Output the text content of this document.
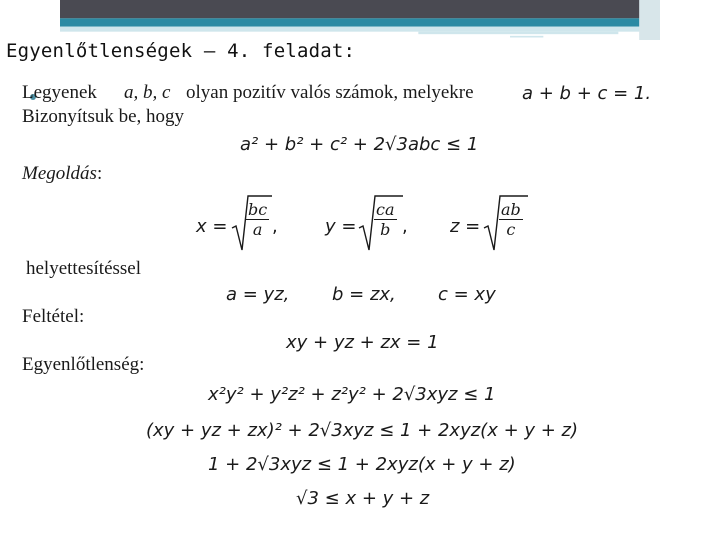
Egyenlőtlenségek – 4. feladat:
Legyenek a, b, c olyan pozitív valós számok, melyekre	a + b + c = 1.
Bizonyítsuk be, hogy
a² + b² + c² + 2√3abc ≤ 1
Megoldás:
$x = \frac{bc}{a}$ ,	$y = \frac{ca}{b}$ , $z = \frac{ab}{c}$
helyettesítéssel
a = yz, b = zx, c = xy
Feltétel:
xy + yz + zx = 1
Egyenlőtlenség:
x²y² + y²z² + z²y² + 2√3xyz ≤ 1
(xy + yz + zx)² + 2√3xyz ≤ 1 + 2xyz(x + y + z)
1 + 2√3xyz ≤ 1 + 2xyz(x + y + z)
√3 ≤ x + y + z
